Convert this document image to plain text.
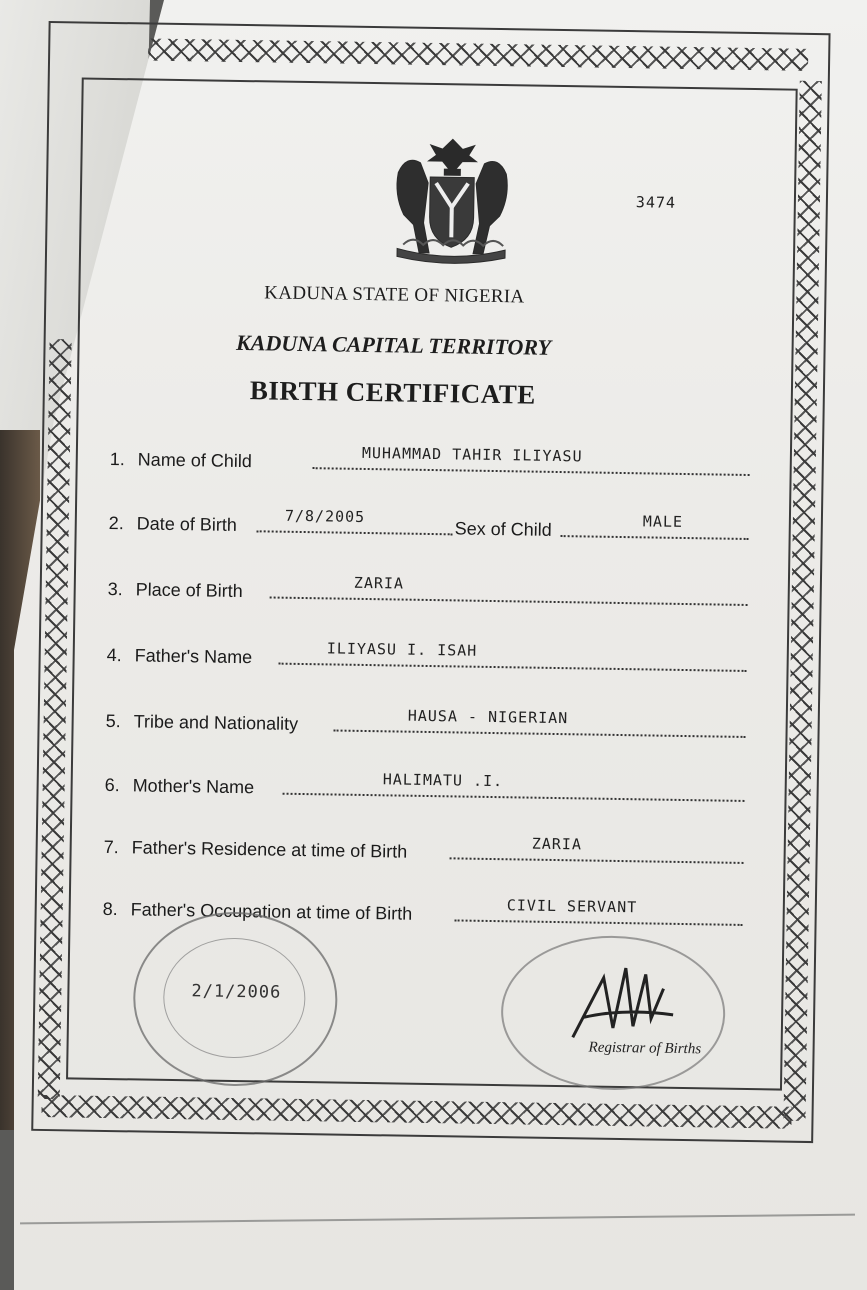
3474
KADUNA STATE OF NIGERIA
KADUNA CAPITAL TERRITORY
BIRTH CERTIFICATE
1. Name of Child	MUHAMMAD TAHIR ILIYASU
2. Date of Birth	7/8/2005
Sex of Child	MALE
3. Place of Birth	ZARIA
4. Father's Name	ILIYASU I. ISAH
5. Tribe and Nationality	HAUSA - NIGERIAN
6. Mother's Name	HALIMATU .I.
7. Father's Residence at time of Birth	ZARIA
8. Father's Occupation at time of Birth	CIVIL SERVANT
2/1/2006
Registrar of Births
